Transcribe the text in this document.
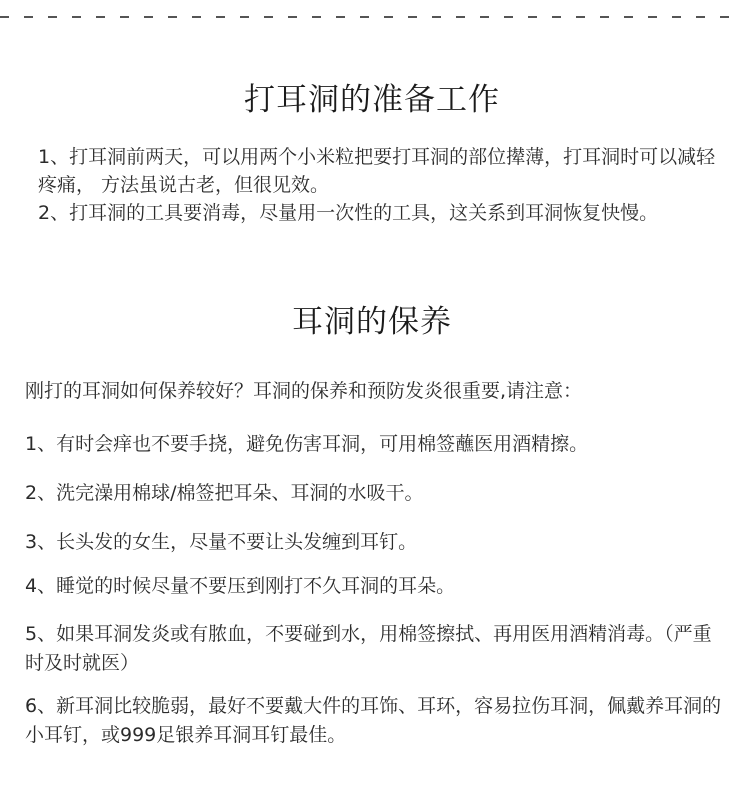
打耳洞的准备工作

1、打耳洞前两天，可以用两个小米粒把要打耳洞的部位撵薄，打耳洞时可以减轻疼痛， 方法虽说古老，但很见效。

2、打耳洞的工具要消毒，尽量用一次性的工具，这关系到耳洞恢复快慢。

耳洞的保养

刚打的耳洞如何保养较好？耳洞的保养和预防发炎很重要,请注意：

1、有时会痒也不要手挠，避免伤害耳洞，可用棉签蘸医用酒精擦。

2、洗完澡用棉球/棉签把耳朵、耳洞的水吸干。

3、长头发的女生，尽量不要让头发缠到耳钉。

4、睡觉的时候尽量不要压到刚打不久耳洞的耳朵。

5、如果耳洞发炎或有脓血，不要碰到水，用棉签擦拭、再用医用酒精消毒。（严重时及时就医）

6、新耳洞比较脆弱，最好不要戴大件的耳饰、耳环，容易拉伤耳洞，佩戴养耳洞的小耳钉，或999足银养耳洞耳钉最佳。
